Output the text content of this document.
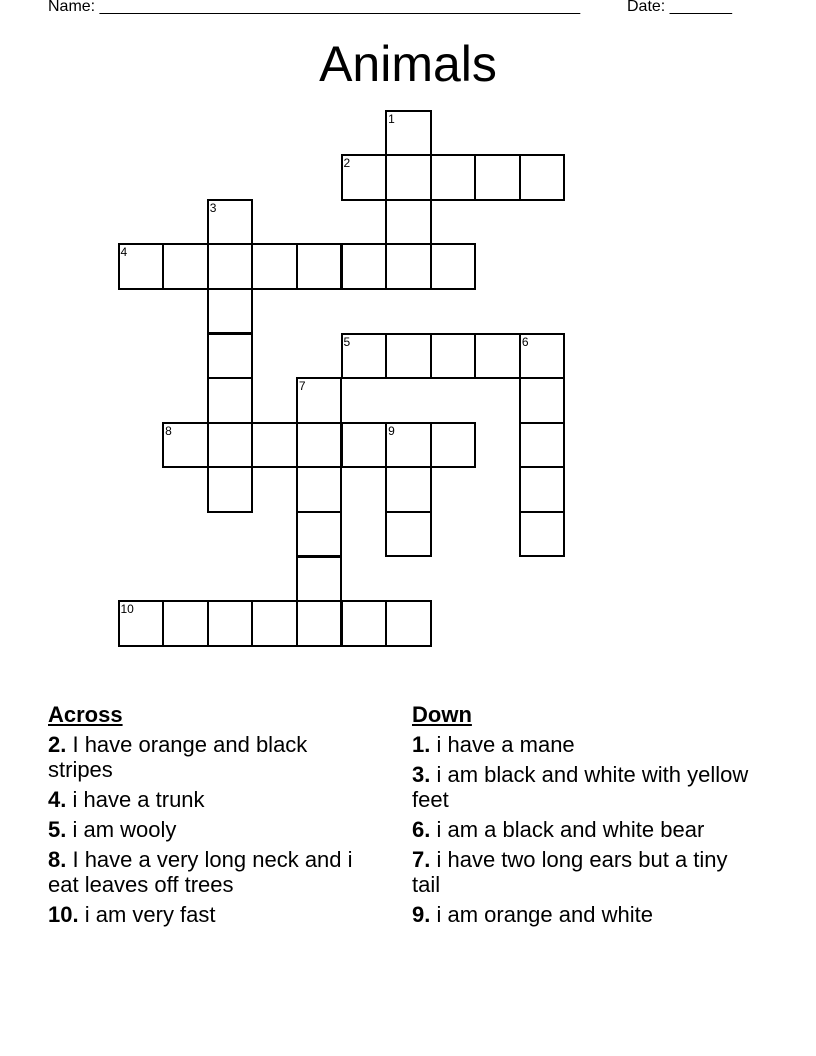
Name: ______________________________________________________	Date: _______
Animals
1
2
3
4
5	6
7
8	9
10
Across
2. I have orange and black stripes
4. i have a trunk
5. i am wooly
8. I have a very long neck and i eat leaves off trees
10. i am very fast
Down
1. i have a mane
3. i am black and white with yellow feet
6. i am a black and white bear
7. i have two long ears but a tiny tail
9. i am orange and white
